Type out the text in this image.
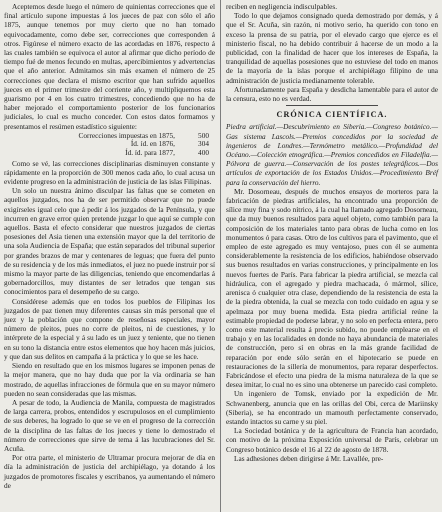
Aceptemos desde luego el número de quinientas correcciones que el final artículo supone impuestas á los jueces de paz con sólo el año 1875, aunque tenemos por muy cierto que no han tomado equivocadamente, como debe ser, correcciones que corresponden á otros. Figúrese el número exacto de las acordadas en 1876, respecto á las cuales también se equivoca el autor al afirmar que dicho período de tiempo fué de menos fecundo en multas, apercibimientos y advertencias que el año anterior. Admitamos sin más examen el número de 25 correcciones que declara el mismo escritor que han sufrido aquellos jueces en el primer trimestre del corriente año, y multipliquemos esta guarismo por 4 en los cuatro trimestres, concediendo que no ha de haber mejorado el comportamiento posterior de los funcionarios judiciales, lo cual es mucho conceder. Con estos datos formamos y presentamos el resúmen estadístico siguiente:

Correcciones impuestas en 1875,	500
Íd. íd. en 1876,	304
Íd. íd. para 1877,	400

Como se vé, las correcciones disciplinarias disminuyen constante y rápidamente en la proporción de 300 menos cada año, lo cual acusa un evidente progreso en la administración de justicia de las islas Filipinas.

Un solo un nuestra ánimo disculpar las faltas que se cometen en aquellos juzgados, nos ha de ser permitido observar que no puede exigírseles igual celo que á pedir á los juzgados de la Península, y que incurren en grave error quien pretende juzgar lo que aquí se cumple con aquellos. Basta el efecto considerar que nuestros juzgados de ciertas posesiones del Asia tienen una extensión mayor que la del territorio de una sola Audiencia de España; que están separados del tribunal superior por grandes brazos de mar y centenares de leguas; que fuera del punto de su residencia y de los más inmediatos, el juez no puede instruir por sí mismo la mayor parte de las diligencias, teniendo que encomendarlas á gobernadorcillos, muy distantes de ser letrados que tengan sus conocimientos para el desempeño de su cargo.

Considérese además que en todos los pueblos de Filipinas los juzgados de paz tienen muy diferentes causas sin más personal que el juez y la población que compone de reseñosas especiales, mayor número de pleitos, pues no corre de pleitos, ni de cuestiones, y lo intérprete de la especial y á su lado es un juez y teniente, que no tienen en su tono la distancia entre estos elementos que hoy hacen más juicios, y que dan sus delitos en campaña á la práctica y lo que se les hace.

Siendo en resultado que en los mismos lugares se imponen penas de la mejor manera, que no hay duda que por la vía ordinaria se han mostrado, de aquellas infracciones de fórmula que en su mayor número pueden no sean consideradas que las mismas.

A pesar de todo, la Audiencia de Manila, compuesta de magistrados de larga carrera, probos, entendidos y escrupulosos en el cumplimiento de sus deberes, ha logrado lo que se ve en el progreso de la corrección de la disciplina de las faltas de los jueces y tiene lo demostrado el número de correcciones que sirve de tema á las lucubraciones del Sr. Acuña.

Por otra parte, el ministerio de Ultramar procura mejorar de día en día la administración de justicia del archipiélago, ya dotando á los juzgados de promotores fiscales y escribanos, ya aumentando el número de

reciben en negligencia indisculpables.

Todo lo que dejamos consignado queda demostrado por demás, y á que el Sr. Acuña, sin razón, ni motivo serio, ha querido con tono en exceso la prensa de su patria, por el elevado cargo que ejerce es el ministerio fiscal, no ha debido contribuir á hacerse de un modo a la publicidad, con la finalidad de hacer que los intereses de España, la tranquilidad de aquellas posesiones que no estuviese del todo en manos de la mayoría de la islas porque el archipiélago filipino de una administración de justicia medianamente tolerable.

Afortunadamente para España y desdicha lamentable para el autor de la censura, esto no es verdad.

CRÓNICA CIENTÍFICA.

Piedra artificial.—Descubrimiento en Siberia.—Congreso botánico.—Gas sistema Lascols.—Premios concedidos por la sociedad de ingenieros de Londres.—Termómetro metálico.—Profundidad del Océano.—Colección etnográfica.—Premios concedidos en Filadelfia.—Pólvora de guerra.—Conservación de los postes telegráficos.—Dos artículos de exportación de los Estados Unidos.—Procedimiento Bréf para la conservación del hierro.

Mr. Dosorneau, después de muchos ensayos de morteros para la fabricación de piedras artificiales, ha encontrado una proporción de sílice muy fina y sodo nítrico, á la cual ha llamado agregado Dosorneau, que da muy buenos resultados para aquel objeto, como también para la composición de los materiales tanto para obras de lucha como en los monumentos ó para casas. Otro de los cultivos para el pavimento, que el empleo de este agregado es muy ventajoso, pues con él se aumenta considerablemente la resistencia de los edificios, habiéndose observado sus buenos resultados en varias construcciones, y principalmente en los nuevos fuertes de París. Para fabricar la piedra artificial, se mezcla cal hidráulica, con el agregado y piedra machacada, ó mármol, sílice, arenisca ó cualquier otra clase, dependiendo de la resistencia de esta la de la piedra obtenida, la cual se mezcla con todo cuidado en agua y se apelmaza por muy buena medida. Esta piedra artificial reúne la estimable propiedad de poderse labrar, y no solo en perfecta entera, pero como este material resulta á precio subido, no puede emplearse en el trabajo y en las localidades en donde no haya abundancia de materiales de construcción, pero sí en obras en la más grande facilidad de reparación por ende sólo serán en el hipotecario se puede en restauraciones de la sillería de monumentos, para reparar desperfectos. Fabricándose el efecto una piedra de la misma naturaleza de la que se desea imitar, lo cual no es sino una obtenerse un parecido casi completo.

Un ingeniero de Tomsk, enviado por la expedición de Mr. Schwanenberg, anuncia que en las orillas del Obi, cerca de Mariinsky (Siberia), se ha encontrado un mamouth perfectamente conservado, estando intactos su carne y su piel.

La Sociedad botánica y de la agricultura de Francia han acordado, con motivo de la próxima Exposición universal de París, celebrar un Congreso botánico desde el 16 al 22 de agosto de 1878.

Las adhesiones deben dirigirse á Mr. Lavallée, pre-
